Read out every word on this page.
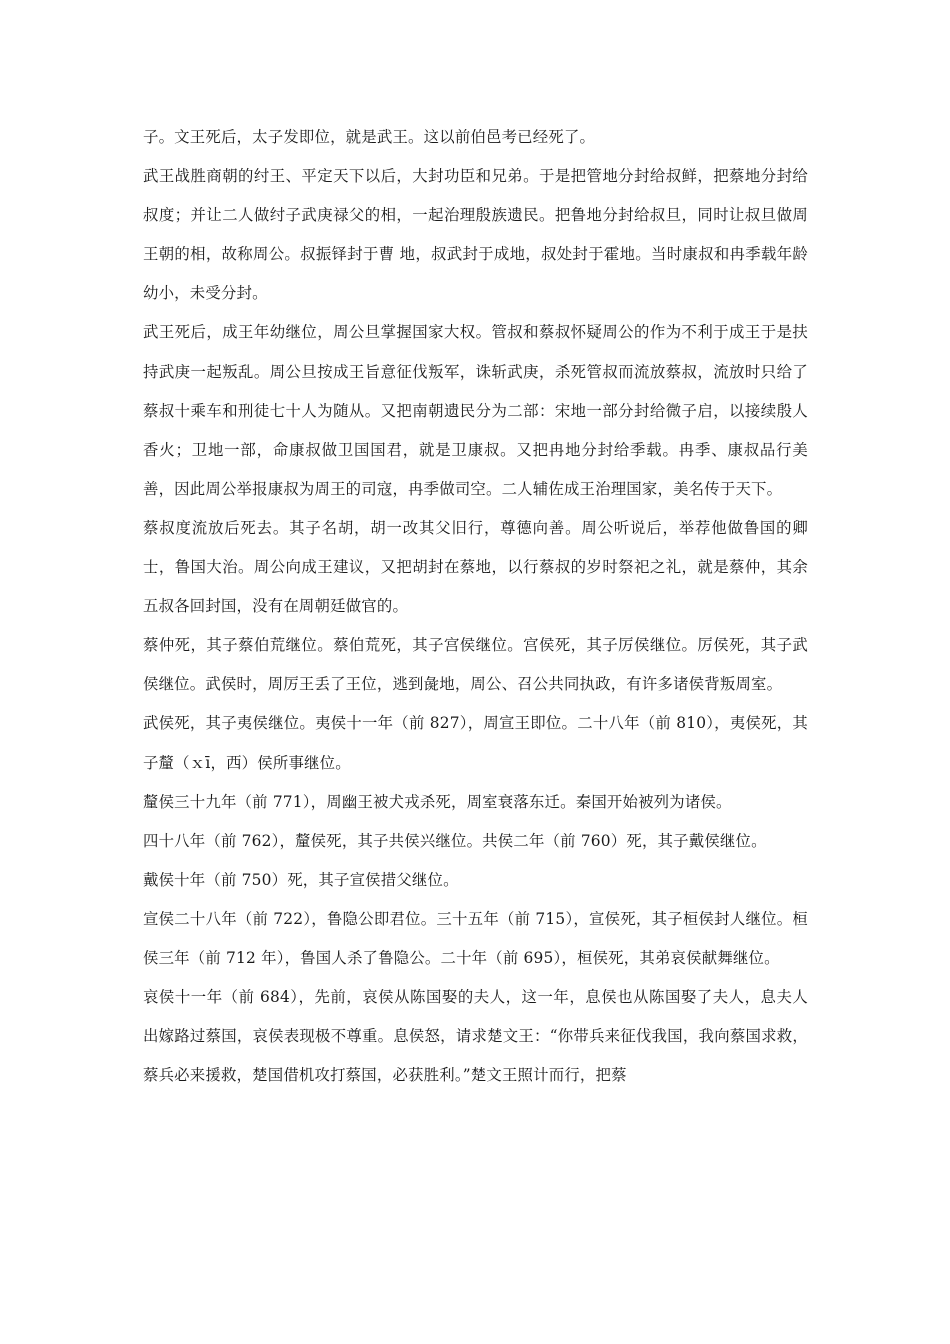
子。文王死后，太子发即位，就是武王。这以前伯邑考已经死了。

武王战胜商朝的纣王、平定天下以后，大封功臣和兄弟。于是把管地分封给叔鲜，把蔡地分封给叔度；并让二人做纣子武庚禄父的相，一起治理殷族遗民。把鲁地分封给叔旦，同时让叔旦做周王朝的相，故称周公。叔振铎封于曹 地，叔武封于成地，叔处封于霍地。当时康叔和冉季载年龄幼小，未受分封。

武王死后，成王年幼继位，周公旦掌握国家大权。管叔和蔡叔怀疑周公的作为不利于成王于是扶持武庚一起叛乱。周公旦按成王旨意征伐叛军，诛斩武庚，杀死管叔而流放蔡叔，流放时只给了蔡叔十乘车和刑徒七十人为随从。又把南朝遗民分为二部：宋地一部分封给微子启，以接续殷人香火；卫地一部，命康叔做卫国国君，就是卫康叔。又把冉地分封给季载。冉季、康叔品行美善，因此周公举报康叔为周王的司寇，冉季做司空。二人辅佐成王治理国家，美名传于天下。

蔡叔度流放后死去。其子名胡，胡一改其父旧行，尊德向善。周公听说后，举荐他做鲁国的卿士，鲁国大治。周公向成王建议，又把胡封在蔡地，以行蔡叔的岁时祭祀之礼，就是蔡仲，其余五叔各回封国，没有在周朝廷做官的。

蔡仲死，其子蔡伯荒继位。蔡伯荒死，其子宫侯继位。宫侯死，其子厉侯继位。厉侯死，其子武侯继位。武侯时，周厉王丢了王位，逃到彘地，周公、召公共同执政，有许多诸侯背叛周室。

武侯死，其子夷侯继位。夷侯十一年（前 827），周宣王即位。二十八年（前 810），夷侯死，其子釐（ｘī，西）侯所事继位。

釐侯三十九年（前 771），周幽王被犬戎杀死，周室衰落东迁。秦国开始被列为诸侯。

四十八年（前 762），釐侯死，其子共侯兴继位。共侯二年（前 760）死，其子戴侯继位。

戴侯十年（前 750）死，其子宣侯措父继位。

宣侯二十八年（前 722），鲁隐公即君位。三十五年（前 715），宣侯死，其子桓侯封人继位。桓侯三年（前 712 年），鲁国人杀了鲁隐公。二十年（前 695），桓侯死，其弟哀侯献舞继位。

哀侯十一年（前 684），先前，哀侯从陈国娶的夫人，这一年，息侯也从陈国娶了夫人，息夫人出嫁路过蔡国，哀侯表现极不尊重。息侯怒，请求楚文王：“你带兵来征伐我国，我向蔡国求救，蔡兵必来援救，楚国借机攻打蔡国，必获胜利。”楚文王照计而行，把蔡
